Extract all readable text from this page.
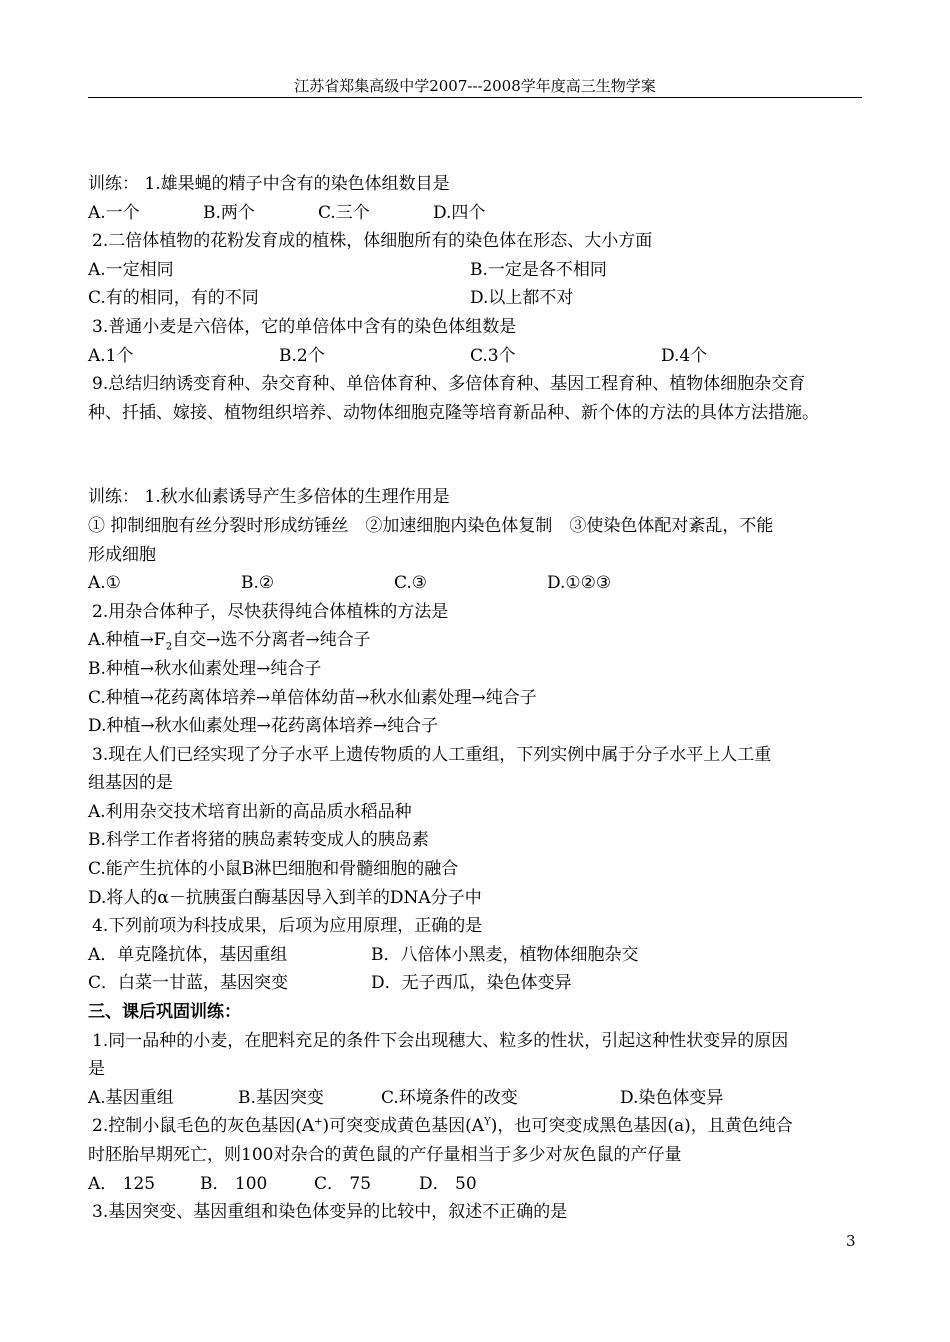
江苏省郑集高级中学2007---2008学年度高三生物学案
训练： 1.雄果蝇的精子中含有的染色体组数目是
A.一个	B.两个	C.三个	D.四个
2.二倍体植物的花粉发育成的植株，体细胞所有的染色体在形态、大小方面
A.一定相同	B.一定是各不相同
C.有的相同，有的不同	D.以上都不对
3.普通小麦是六倍体，它的单倍体中含有的染色体组数是
A.1个	B.2个	C.3个	D.4个
9.总结归纳诱变育种、杂交育种、单倍体育种、多倍体育种、基因工程育种、植物体细胞杂交育
种、扦插、嫁接、植物组织培养、动物体细胞克隆等培育新品种、新个体的方法的具体方法措施。
训练： 1.秋水仙素诱导产生多倍体的生理作用是
① 抑制细胞有丝分裂时形成纺锤丝　②加速细胞内染色体复制　③使染色体配对紊乱，不能
形成细胞
A.①	B.②	C.③	D.①②③
2.用杂合体种子，尽快获得纯合体植株的方法是
A.种植$\to F_2$自交→选不分离者→纯合子
B.种植→秋水仙素处理→纯合子
C.种植→花药离体培养→单倍体幼苗→秋水仙素处理→纯合子
D.种植→秋水仙素处理→花药离体培养→纯合子
3.现在人们已经实现了分子水平上遗传物质的人工重组，下列实例中属于分子水平上人工重
组基因的是
A.利用杂交技术培育出新的高品质水稻品种
B.科学工作者将猪的胰岛素转变成人的胰岛素
C.能产生抗体的小鼠B淋巴细胞和骨髓细胞的融合
D.将人的α－抗胰蛋白酶基因导入到羊的DNA分子中
4.下列前项为科技成果，后项为应用原理，正确的是
A．单克隆抗体，基因重组	B．八倍体小黑麦，植物体细胞杂交
C．白菜一甘蓝，基因突变	D．无子西瓜，染色体变异
三、课后巩固训练：
1.同一品种的小麦，在肥料充足的条件下会出现穗大、粒多的性状，引起这种性状变异的原因
是
A.基因重组	B.基因突变	C.环境条件的改变	D.染色体变异
2.控制小鼠毛色的灰色基因(A+)可突变成黄色基因$(A^Y)$，也可突变成黑色基因(a)，且黄色纯合
时胚胎早期死亡，则100对杂合的黄色鼠的产仔量相当于多少对灰色鼠的产仔量
A． 125	B． 100	C． 75	D． 50
3.基因突变、基因重组和染色体变异的比较中，叙述不正确的是
3
